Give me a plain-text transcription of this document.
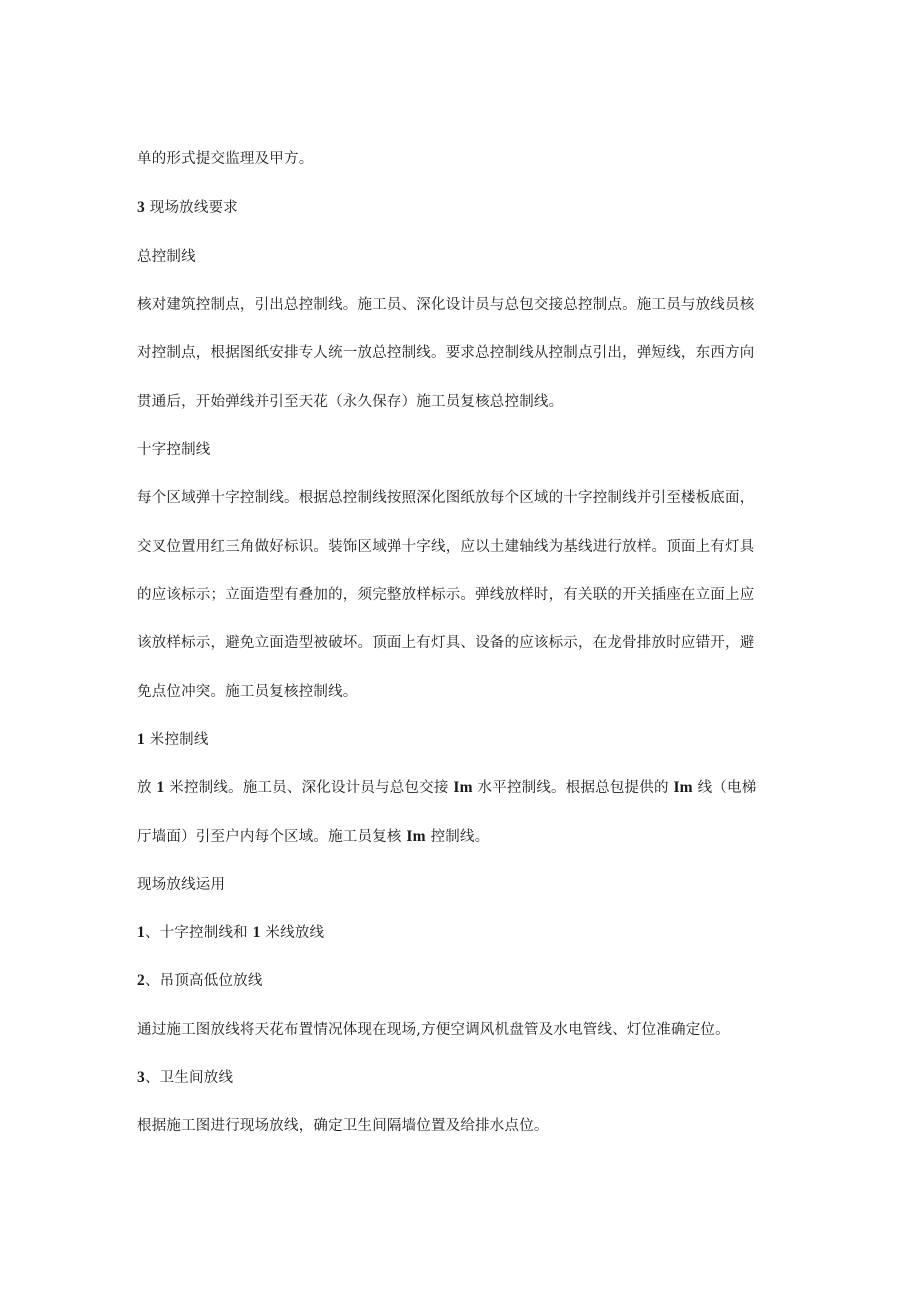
单的形式提交监理及甲方。
3 现场放线要求
总控制线
核对建筑控制点，引出总控制线。施工员、深化设计员与总包交接总控制点。施工员与放线员核
对控制点，根据图纸安排专人统一放总控制线。要求总控制线从控制点引出，弹短线，东西方向
贯通后，开始弹线并引至天花（永久保存）施工员复核总控制线。
十字控制线
每个区域弹十字控制线。根据总控制线按照深化图纸放每个区域的十字控制线并引至楼板底面，
交叉位置用红三角做好标识。装饰区域弹十字线，应以土建轴线为基线进行放样。顶面上有灯具
的应该标示；立面造型有叠加的，须完整放样标示。弹线放样时，有关联的开关插座在立面上应
该放样标示，避免立面造型被破坏。顶面上有灯具、设备的应该标示，在龙骨排放时应错开，避
免点位冲突。施工员复核控制线。
1 米控制线
放 1 米控制线。施工员、深化设计员与总包交接 Im 水平控制线。根据总包提供的 Im 线（电梯
厅墙面）引至户内每个区域。施工员复核 Im 控制线。
现场放线运用
1、十字控制线和 1 米线放线
2、吊顶高低位放线
通过施工图放线将天花布置情况体现在现场,方便空调风机盘管及水电管线、灯位准确定位。
3、卫生间放线
根据施工图进行现场放线，确定卫生间隔墙位置及给排水点位。
